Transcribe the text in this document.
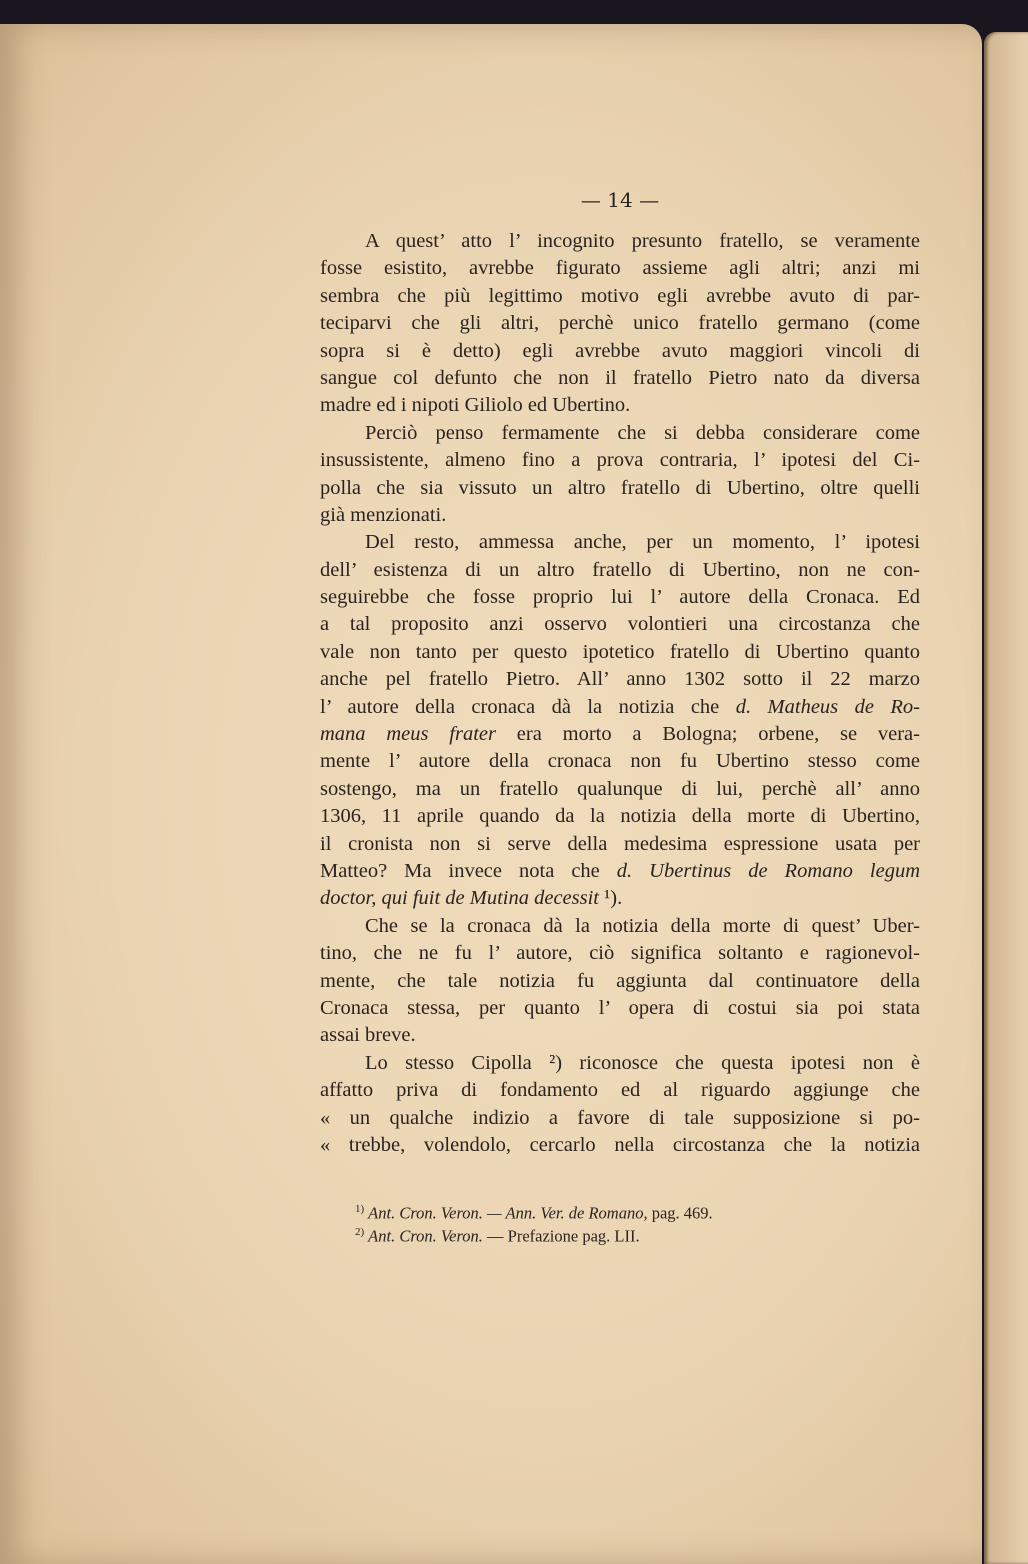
— 14 —
A quest’ atto l’ incognito presunto fratello, se veramente
fosse esistito, avrebbe figurato assieme agli altri; anzi mi
sembra che più legittimo motivo egli avrebbe avuto di par-
teciparvi che gli altri, perchè unico fratello germano (come
sopra si è detto) egli avrebbe avuto maggiori vincoli di
sangue col defunto che non il fratello Pietro nato da diversa
madre ed i nipoti Giliolo ed Ubertino.
Perciò penso fermamente che si debba considerare come
insussistente, almeno fino a prova contraria, l’ ipotesi del Ci-
polla che sia vissuto un altro fratello di Ubertino, oltre quelli
già menzionati.
Del resto, ammessa anche, per un momento, l’ ipotesi
dell’ esistenza di un altro fratello di Ubertino, non ne con-
seguirebbe che fosse proprio lui l’ autore della Cronaca. Ed
a tal proposito anzi osservo volontieri una circostanza che
vale non tanto per questo ipotetico fratello di Ubertino quanto
anche pel fratello Pietro. All’ anno 1302 sotto il 22 marzo
l’ autore della cronaca dà la notizia che d. Matheus de Ro-
mana meus frater era morto a Bologna; orbene, se vera-
mente l’ autore della cronaca non fu Ubertino stesso come
sostengo, ma un fratello qualunque di lui, perchè all’ anno
1306, 11 aprile quando da la notizia della morte di Ubertino,
il cronista non si serve della medesima espressione usata per
Matteo? Ma invece nota che d. Ubertinus de Romano legum
doctor, qui fuit de Mutina decessit ¹).
Che se la cronaca dà la notizia della morte di quest’ Uber-
tino, che ne fu l’ autore, ciò significa soltanto e ragionevol-
mente, che tale notizia fu aggiunta dal continuatore della
Cronaca stessa, per quanto l’ opera di costui sia poi stata
assai breve.
Lo stesso Cipolla ²) riconosce che questa ipotesi non è
affatto priva di fondamento ed al riguardo aggiunge che
« un qualche indizio a favore di tale supposizione si po-
« trebbe, volendolo, cercarlo nella circostanza che la notizia
$^{1)}$ Ant. Cron. Veron. — Ann. Ver. de Romano, pag. 469.
$^{2)}$ Ant. Cron. Veron. — Prefazione pag. LII.
